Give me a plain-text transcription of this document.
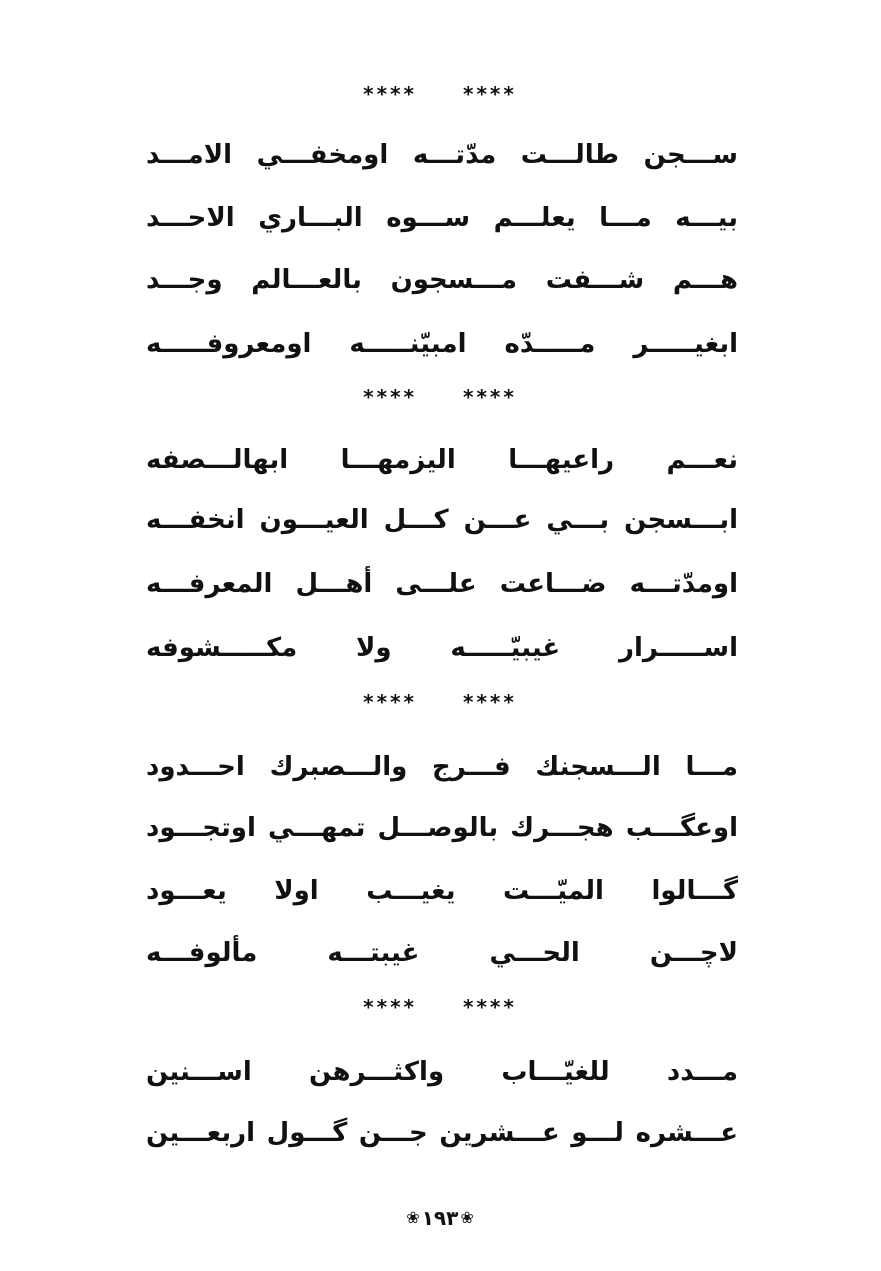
**** ****
ســـجن طالـــت مدّتـــه اومخفـــي الامـــد
بيـــه مـــا يعلـــم ســـوه البـــاري الاحـــد
هـــم شـــفت مـــسجون بالعـــالم وجـــد
ابغيـــــر مـــــدّه امبيّنـــــه اومعروفـــــه
**** ****
نعـــم راعيهـــا اليزمهـــا ابهالـــصفه
ابـــسجن بـــي عـــن كـــل العيـــون انخفـــه
اومدّتـــه ضـــاعت علـــى أهـــل المعرفـــه
اســـــرار غيبيّـــــه ولا مكـــــشوفه
**** ****
مـــا الـــسجنك فـــرج والـــصبرك احـــدود
اوعگـــب هجـــرك بالوصـــل تمهـــي اوتجـــود
گـــالوا الميّـــت يغيـــب اولا يعـــود
لاچـــن الحـــي غيبتـــه مألوفـــه
**** ****
مـــدد للغيّـــاب واكثـــرهن اســـنين
عـــشره لـــو عـــشرين جـــن گـــول اربعـــين
❀ ١٩٣ ❀
